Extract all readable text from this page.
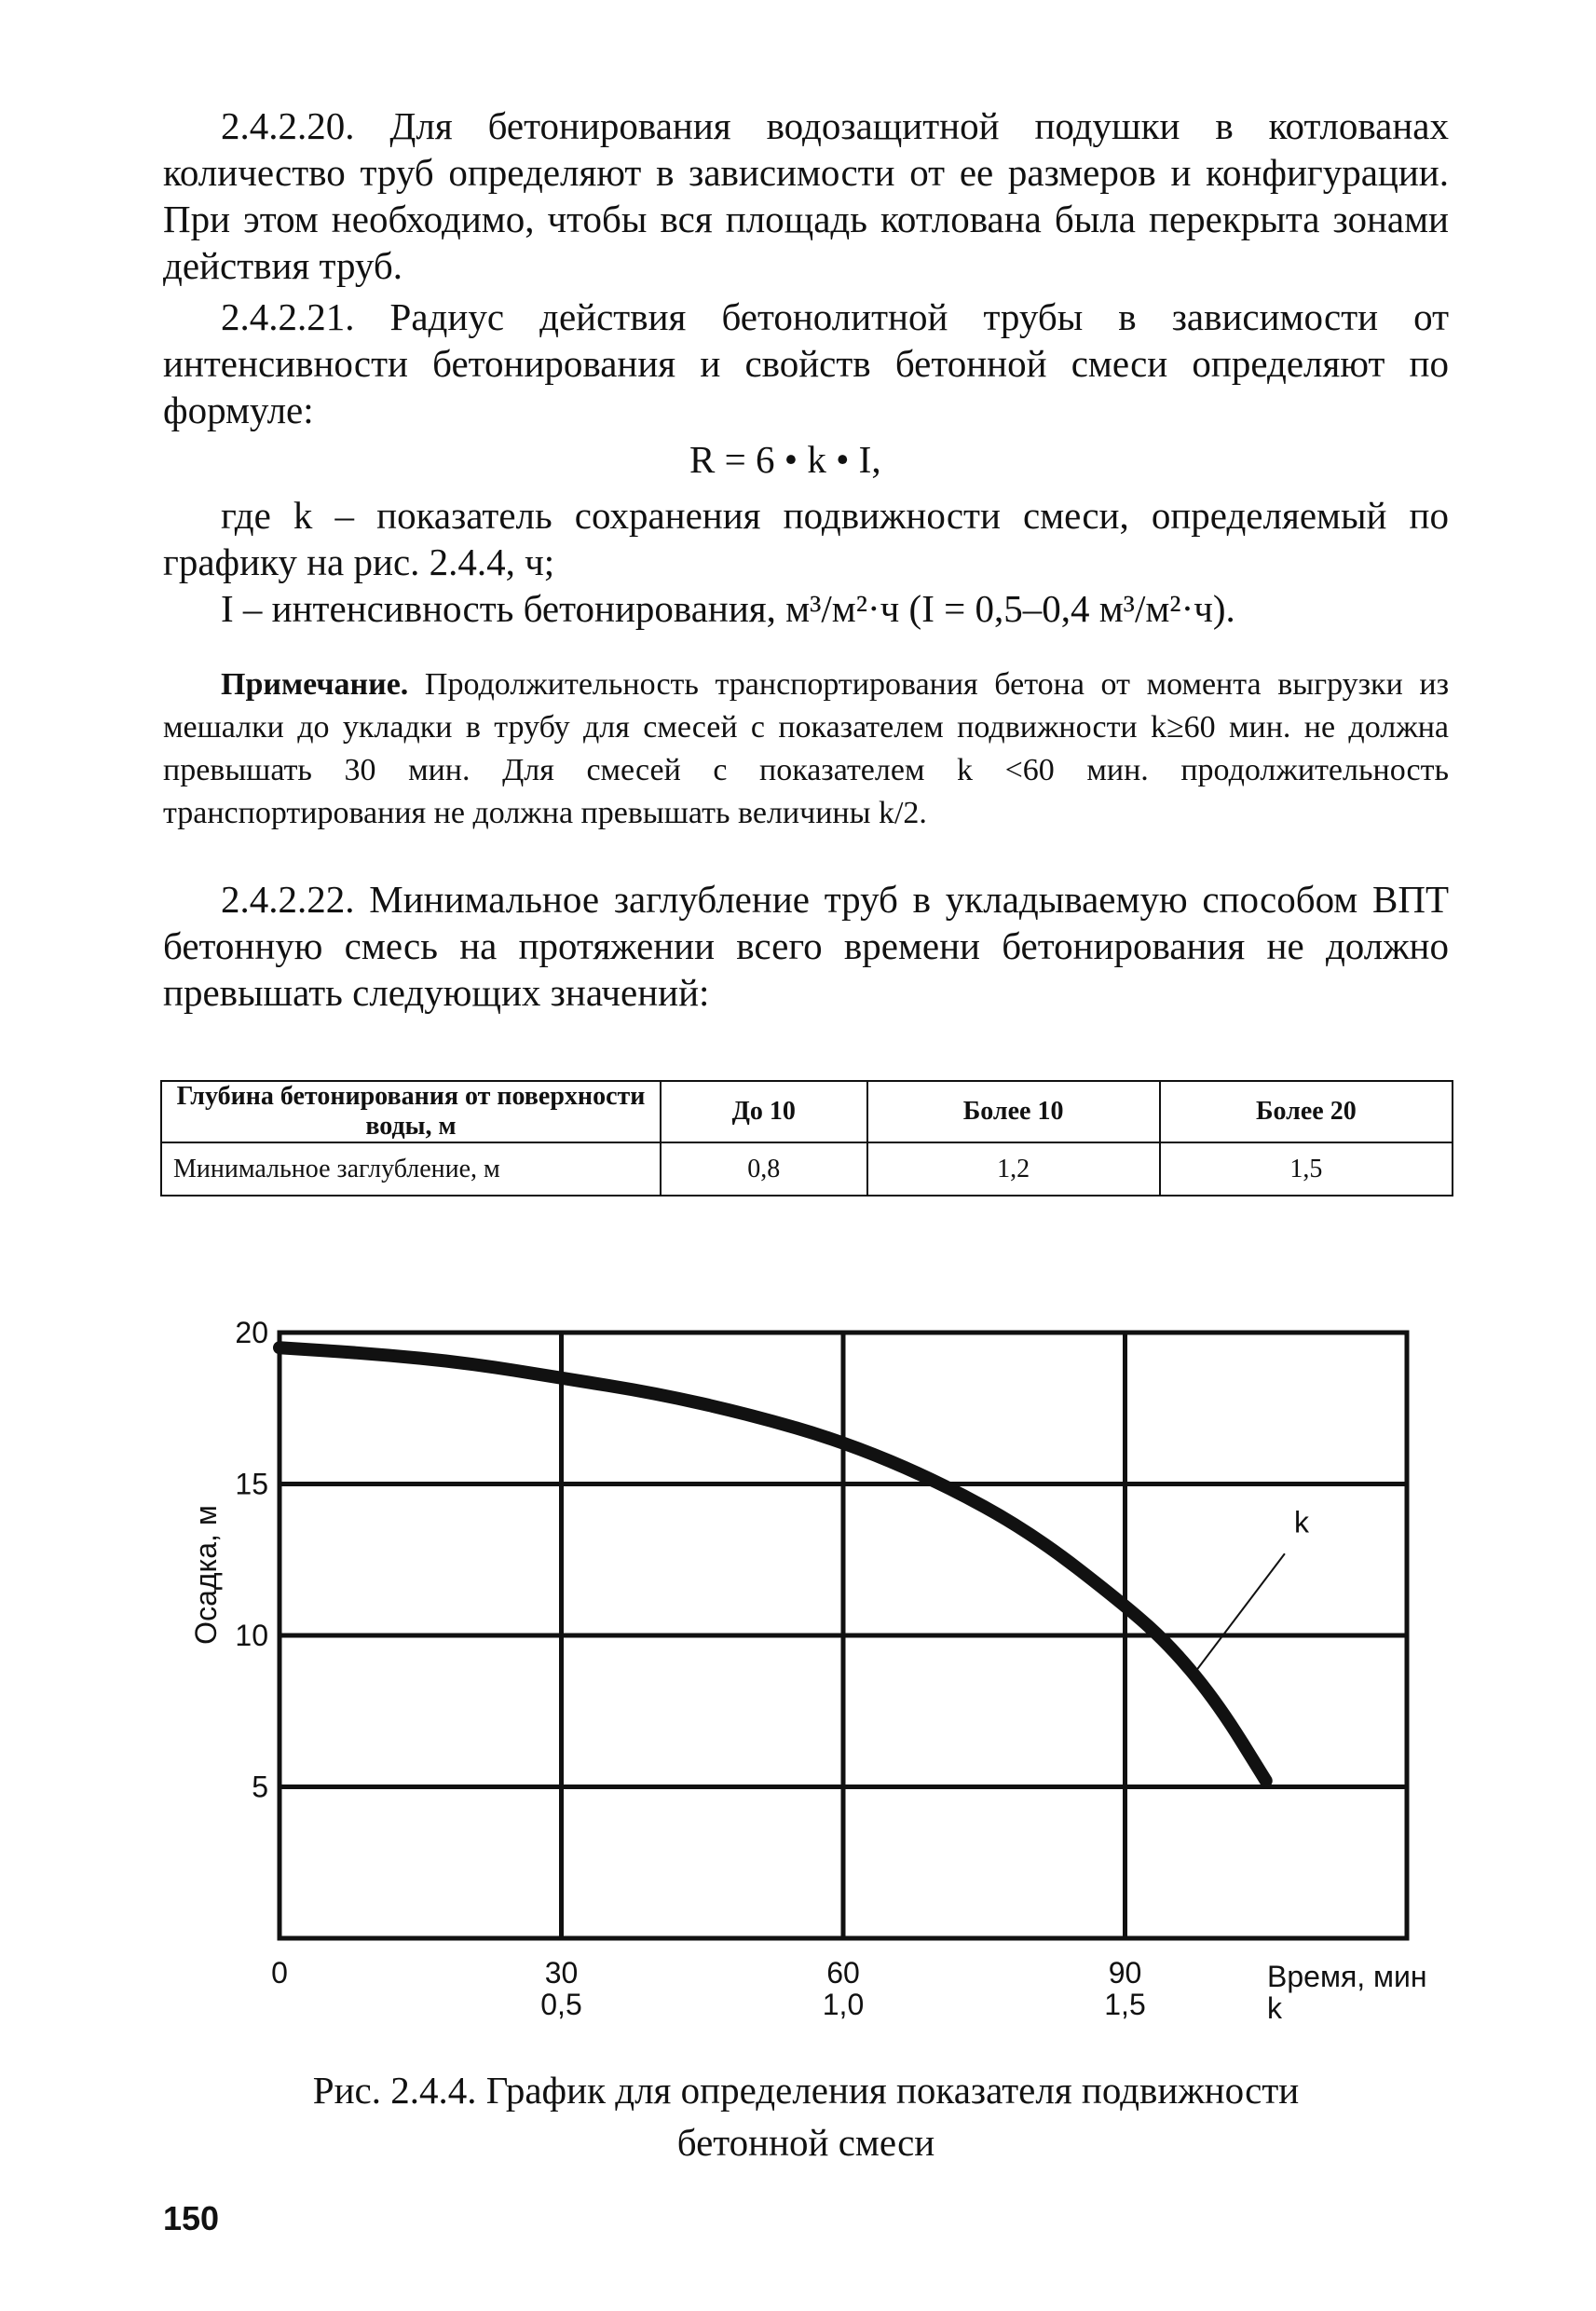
2.4.2.20. Для бетонирования водозащитной подушки в котлованах количество труб определяют в зависимости от ее размеров и конфигурации. При этом необходимо, чтобы вся площадь котлована была перекрыта зонами действия труб.
2.4.2.21. Радиус действия бетонолитной трубы в зависимости от интенсивности бетонирования и свойств бетонной смеси определяют по формуле:
R = 6 • k • I,
где k – показатель сохранения подвижности смеси, определяемый по графику на рис. 2.4.4, ч;
I – интенсивность бетонирования, м³/м²·ч (I = 0,5–0,4 м³/м²·ч).
Примечание. Продолжительность транспортирования бетона от момента выгрузки из мешалки до укладки в трубу для смесей с показателем подвижности k≥60 мин. не должна превышать 30 мин. Для смесей с показателем k <60 мин. продолжительность транспортирования не должна превышать величины k/2.
2.4.2.22. Минимальное заглубление труб в укладываемую способом ВПТ бетонную смесь на протяжении всего времени бетонирования не должно превышать следующих значений:
Глубина бетонирования от поверхности воды, м	До 10	Более 10	Более 20
Минимальное заглубление, м	0,8	1,2	1,5
20
15
10
5
0	30	60	90
0,5	1,0	1,5
k
Осадка, м
Время, мин
k
Рис. 2.4.4. График для определения показателя подвижности
бетонной смеси
150
